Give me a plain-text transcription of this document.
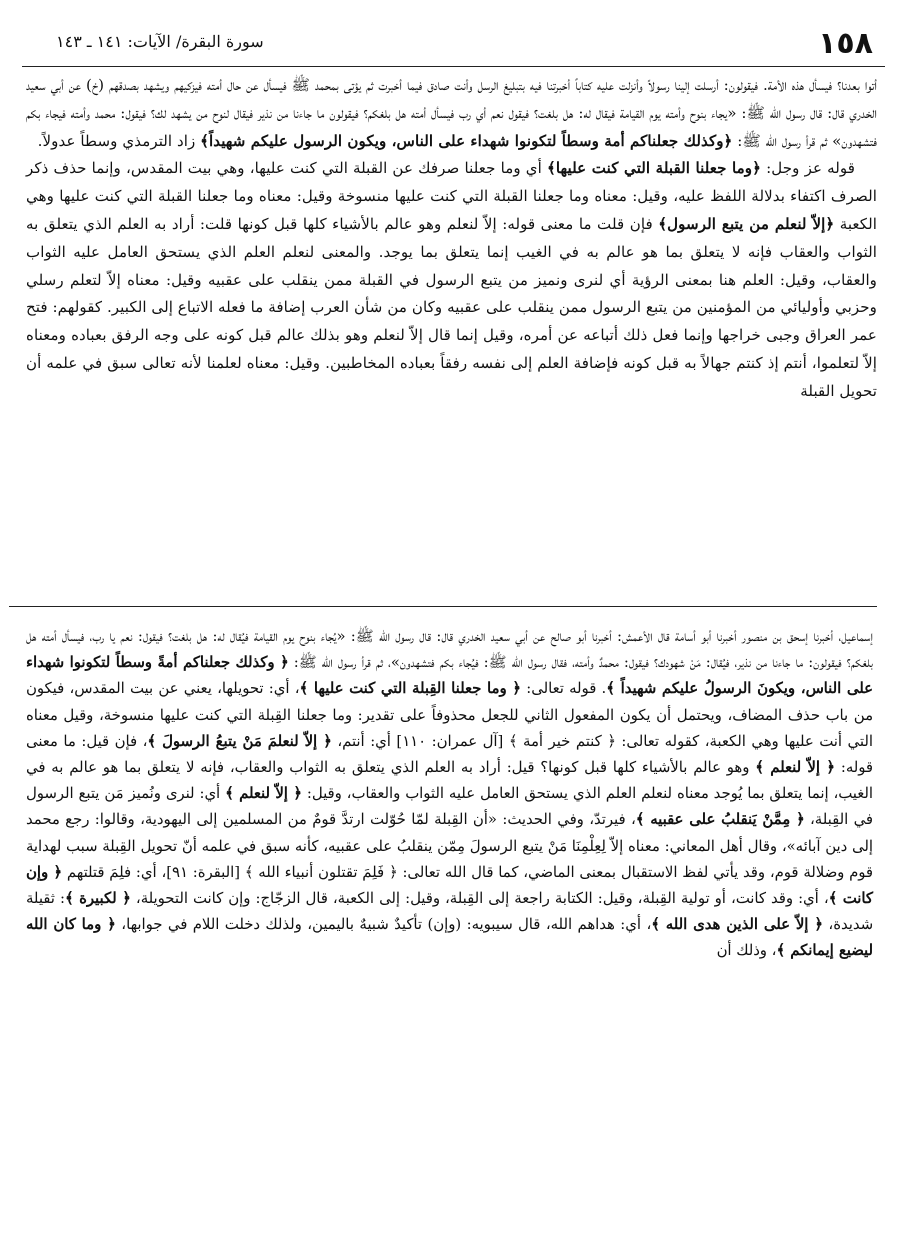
١٥٨
سورة البقرة/ الآيات: ١٤١ ـ ١٤٣

أتوا بعدنا؟ فيسأل هذه الأمة. فيقولون: أرسلت إلينا رسولاً وأنزلت عليه كتاباً أخبرتنا فيه بتبليغ الرسل وأنت صادق فيما أخبرت ثم يؤتى بمحمد ﷺ فيسأل عن حال أمته فيزكيهم ويشهد بصدقهم (خ) عن أبي سعيد الخدري قال: قال رسول الله ﷺ: «يجاء بنوح وأمته يوم القيامة فيقال له: هل بلغت؟ فيقول نعم أي رب فيسأل أمته هل بلغكم؟ فيقولون ما جاءنا من نذير فيقال لنوح من يشهد لك؟ فيقول: محمد وأمته فيجاء بكم فتشهدون» ثم قرأ رسول الله ﷺ: ﴿وكذلك جعلناكم أمة وسطاً لتكونوا شهداء على الناس، ويكون الرسول عليكم شهيداً﴾ زاد الترمذي وسطاً عدولاً.

قوله عز وجل: ﴿وما جعلنا القبلة التي كنت عليها﴾ أي وما جعلنا صرفك عن القبلة التي كنت عليها، وهي بيت المقدس، وإنما حذف ذكر الصرف اكتفاء بدلالة اللفظ عليه، وقيل: معناه وما جعلنا القبلة التي كنت عليها منسوخة وقيل: معناه وما جعلنا القبلة التي كنت عليها وهي الكعبة ﴿إلاّ لنعلم من يتبع الرسول﴾ فإن قلت ما معنى قوله: إلاّ لنعلم وهو عالم بالأشياء كلها قبل كونها قلت: أراد به العلم الذي يتعلق به الثواب والعقاب فإنه لا يتعلق بما هو عالم به في الغيب إنما يتعلق بما يوجد. والمعنى لنعلم العلم الذي يستحق العامل عليه الثواب والعقاب، وقيل: العلم هنا بمعنى الرؤية أي لنرى ونميز من يتبع الرسول في القبلة ممن ينقلب على عقبيه وقيل: معناه إلاّ لتعلم رسلي وحزبي وأوليائي من المؤمنين من يتبع الرسول ممن ينقلب على عقبيه وكان من شأن العرب إضافة ما فعله الاتباع إلى الكبير. كقولهم: فتح عمر العراق وجبى خراجها وإنما فعل ذلك أتباعه عن أمره، وقيل إنما قال إلاّ لنعلم وهو بذلك عالم قبل كونه على وجه الرفق بعباده ومعناه إلاّ لتعلموا، أنتم إذ كنتم جهالاً به قبل كونه فإضافة العلم إلى نفسه رفقاً بعباده المخاطبين. وقيل: معناه لعلمنا لأنه تعالى سبق في علمه أن تحويل القبلة

إسماعيل، أخبرنا إسحق بن منصور أخبرنا أبو أسامة قال الأعمش: أخبرنا أبو صالح عن أبي سعيد الخدري قال: قال رسول الله ﷺ: «يُجاء بنوح يوم القيامة فيُقال له: هل بلغت؟ فيقول: نعم يا رب، فيسأل أمته هل بلغكم؟ فيقولون: ما جاءنا من نذير، فيُقال: مَنْ شهودك؟ فيقول: محمدٌ وأمته، فقال رسول الله ﷺ: فيُجاء بكم فتشهدون»، ثم قرأ رسول الله ﷺ: ﴿ وكذلك جعلناكم أمةً وسطاً لتكونوا شهداء على الناس، ويكونَ الرسولُ عليكم شهيداً ﴾. قوله تعالى: ﴿ وما جعلنا القِبلة التي كنت عليها ﴾، أي: تحويلها، يعني عن بيت المقدس، فيكون من باب حذف المضاف، ويحتمل أن يكون المفعول الثاني للجعل محذوفاً على تقدير: وما جعلنا القِبلة التي كنت عليها منسوخة، وقيل معناه التي أنت عليها وهي الكعبة، كقوله تعالى: ﴿ كنتم خير أمة ﴾ [آل عمران: ١١٠] أي: أنتم، ﴿ إلاّ لنعلمَ مَنْ يتبعُ الرسولَ ﴾، فإن قيل: ما معنى قوله: ﴿ إلاّ لنعلم ﴾ وهو عالم بالأشياء كلها قبل كونها؟ قيل: أراد به العلم الذي يتعلق به الثواب والعقاب، فإنه لا يتعلق بما هو عالم به في الغيب، إنما يتعلق بما يُوجد معناه لنعلم العلم الذي يستحق العامل عليه الثواب والعقاب، وقيل: ﴿ إلاّ لنعلم ﴾ أي: لنرى ونُميز مَن يتبع الرسول في القِبلة، ﴿ مِمَّنْ يَنقلبُ على عقبيه ﴾، فيرتدّ، وفي الحديث: «أن القِبلة لمّا حُوّلت ارتدَّ قومٌ من المسلمين إلى اليهودية، وقالوا: رجع محمد إلى دين آبائه»، وقال أهل المعاني: معناه إلاّ لِعِلْمِنَا مَنْ يتبع الرسولَ مِمّن ينقلبُ على عقبيه، كأنه سبق في علمه أنّ تحويل القِبلة سبب لهداية قوم وضلالة قوم، وقد يأتي لفظ الاستقبال بمعنى الماضي، كما قال الله تعالى: ﴿ فَلِمَ تقتلون أنبياء الله ﴾ [البقرة: ٩١]، أي: فلِمَ قتلتهم ﴿ وإن كانت ﴾، أي: وقد كانت، أو تولية القِبلة، وقيل: الكتابة راجعة إلى القِبلة، وقيل: إلى الكعبة، قال الزجّاج: وإن كانت التحويلة، ﴿ لكبيرة ﴾: ثقيلة شديدة، ﴿ إلاّ على الذين هدى الله ﴾، أي: هداهم الله، قال سيبويه: (وإن) تأكيدٌ شبيهٌ باليمين، ولذلك دخلت اللام في جوابها، ﴿ وما كان الله ليضيع إيمانكم ﴾، وذلك أن
